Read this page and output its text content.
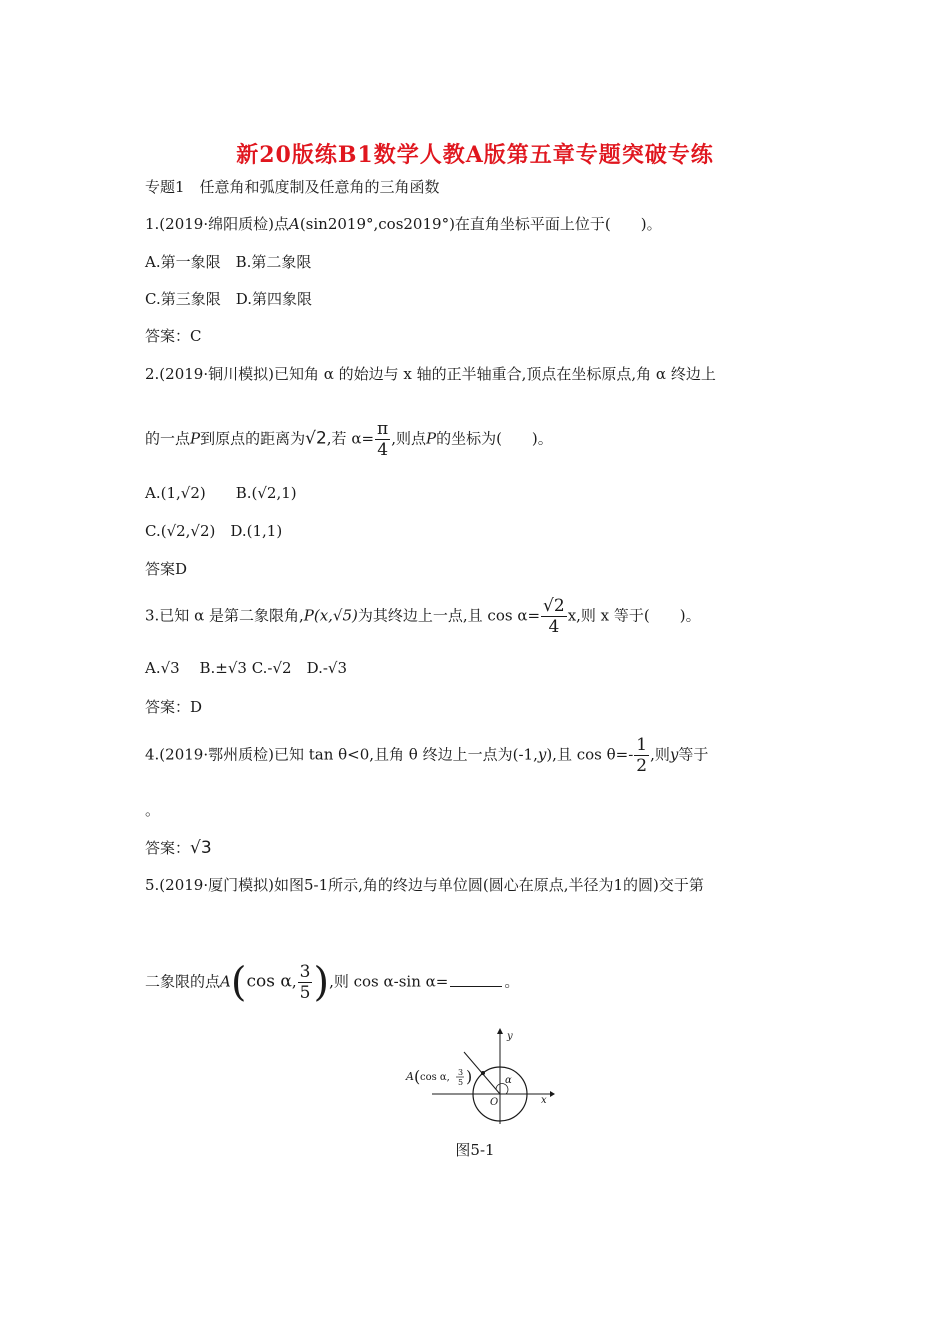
新20版练B1数学人教A版第五章专题突破专练
专题1　任意角和弧度制及任意角的三角函数
1.(2019·绵阳质检)点A(sin2019°,cos2019°)在直角坐标平面上位于(　　)。
A.第一象限　B.第二象限
C.第三象限　D.第四象限
答案：C
2.(2019·铜川模拟)已知角 α 的始边与 x 轴的正半轴重合,顶点在坐标原点,角 α 终边上
的一点P到原点的距离为√2,若 $\alpha= \frac{\pi}{4}$ ,则点P的坐标为(　　)。
A.(1,√2)　　B.(√2,1)
C.(√2,√2)　D.(1,1)
答案D
3.已知 α 是第二象限角,P(x,√5)为其终边上一点,且 $\cos \alpha= \frac{√2}{4} x$,则 x 等于(　　)。
A.√3　 B.±√3 C.-√2　D.-√3
答案：D
4.(2019·鄂州质检)已知 tan θ<0,且角 θ 终边上一点为(-1,y),且 $\cos \theta=- \frac{1}{2}$ ,则y等于
。
答案：√3
5.(2019·厦门模拟)如图5-1所示,角的终边与单位圆(圆心在原点,半径为1的圆)交于第
二象限的点A(cos α, $\frac{3}{5}$ ),则 cos α-sin α=	。
α
O	x
y
A ( cos α, 3
5 )
图5-1
